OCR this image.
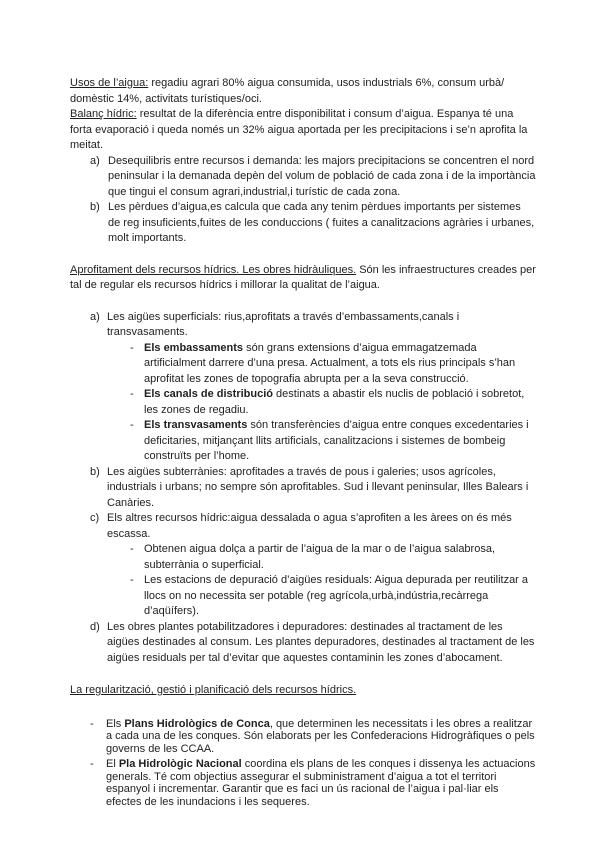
Usos de l’aigua: regadiu agrari 80% aigua consumida, usos industrials 6%, consum urbà/ domèstic 14%, activitats turístiques/oci.

Balanç hídric: resultat de la diferència entre disponibilitat i consum d’aigua. Espanya té una forta evaporació i queda només un 32% aigua aportada per les precipitacions i se’n aprofita la meitat.

a) Desequilibris entre recursos i demanda: les majors precipitacions se concentren el nord peninsular i la demanada depèn del volum de població de cada zona i de la importància que tingui el consum agrari,industrial,i turístic de cada zona.
b) Les pèrdues d’aigua,es calcula que cada any tenim pèrdues importants per sistemes de reg insuficients,fuites de les conduccions ( fuites a canalitzacions agràries i urbanes, molt importants.

Aprofitament dels recursos hídrics. Les obres hidràuliques. Són les infraestructures creades per tal de regular els recursos hídrics i millorar la qualitat de l’aigua.

a) Les aigües superficials: rius,aprofitats a través d’embassaments,canals i transvasaments.
- Els embassaments són grans extensions d’aigua emmagatzemada artificialment darrere d’una presa. Actualment, a tots els rius principals s’han aprofitat les zones de topografia abrupta per a la seva construcció.
- Els canals de distribució destinats a abastir els nuclis de població i sobretot, les zones de regadiu.
- Els transvasaments són transferències d’aigua entre conques excedentaries i deficitaries, mitjançant llits artificials, canalitzacions i sistemes de bombeig construïts per l’home.
b) Les aigües subterrànies: aprofitades a través de pous i galeries; usos agrícoles, industrials i urbans; no sempre són aprofitables. Sud i llevant peninsular, Illes Balears i Canàries.
c) Els altres recursos hídric:aigua dessalada o agua s’aprofiten a les àrees on és més escassa.
- Obtenen aigua dolça a partir de l’aigua de la mar o de l’aigua salabrosa, subterrània o superficial.
- Les estacions de depuració d’aigües residuals: Aigua depurada per reutilitzar a llocs on no necessita ser potable (reg agrícola,urbà,indústria,recàrrega d’aqüífers).
d) Les obres plantes potabilitzadores i depuradores: destinades al tractament de les aigües destinades al consum. Les plantes depuradores, destinades al tractament de les aigües residuals per tal d’evitar que aquestes contaminin les zones d’abocament.

La regularització, gestió i planificació dels recursos hídrics.

- Els Plans Hidrològics de Conca, que determinen les necessitats i les obres a realitzar a cada una de les conques. Són elaborats per les Confederacions Hidrogràfiques o pels governs de les CCAA.
- El Pla Hidrològic Nacional coordina els plans de les conques i dissenya les actuacions generals. Té com objectius assegurar el subministrament d’aigua a tot el territori espanyol i incrementar. Garantir que es faci un ús racional de l’aigua i pal·liar els efectes de les inundacions i les sequeres.
